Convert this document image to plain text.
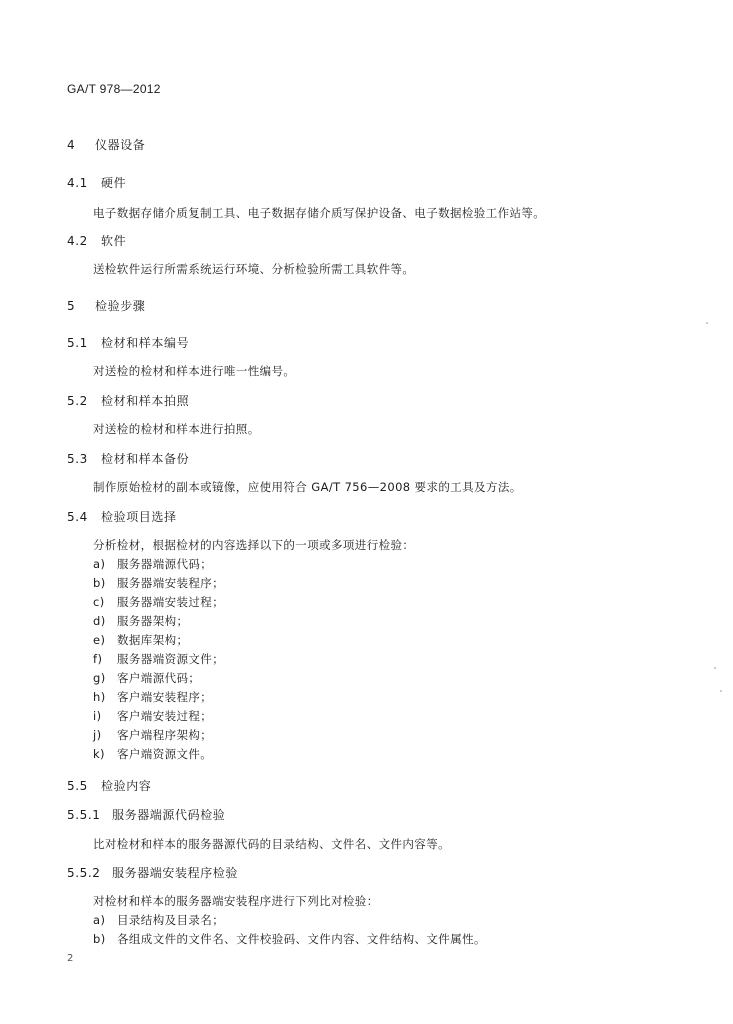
GA/T 978—2012
4 仪器设备
4.1 硬件
电子数据存储介质复制工具、电子数据存储介质写保护设备、电子数据检验工作站等。
4.2 软件
送检软件运行所需系统运行环境、分析检验所需工具软件等。
5 检验步骤
5.1 检材和样本编号
对送检的检材和样本进行唯一性编号。
5.2 检材和样本拍照
对送检的检材和样本进行拍照。
5.3 检材和样本备份
制作原始检材的副本或镜像，应使用符合 GA/T 756—2008 要求的工具及方法。
5.4 检验项目选择
分析检材，根据检材的内容选择以下的一项或多项进行检验：
a) 服务器端源代码；
b) 服务器端安装程序；
c) 服务器端安装过程；
d) 服务器架构；
e) 数据库架构；
f) 服务器端资源文件；
g) 客户端源代码；
h) 客户端安装程序；
i) 客户端安装过程；
j) 客户端程序架构；
k) 客户端资源文件。
5.5 检验内容
5.5.1 服务器端源代码检验
比对检材和样本的服务器源代码的目录结构、文件名、文件内容等。
5.5.2 服务器端安装程序检验
对检材和样本的服务器端安装程序进行下列比对检验：
a) 目录结构及目录名；
b) 各组成文件的文件名、文件校验码、文件内容、文件结构、文件属性。
2
